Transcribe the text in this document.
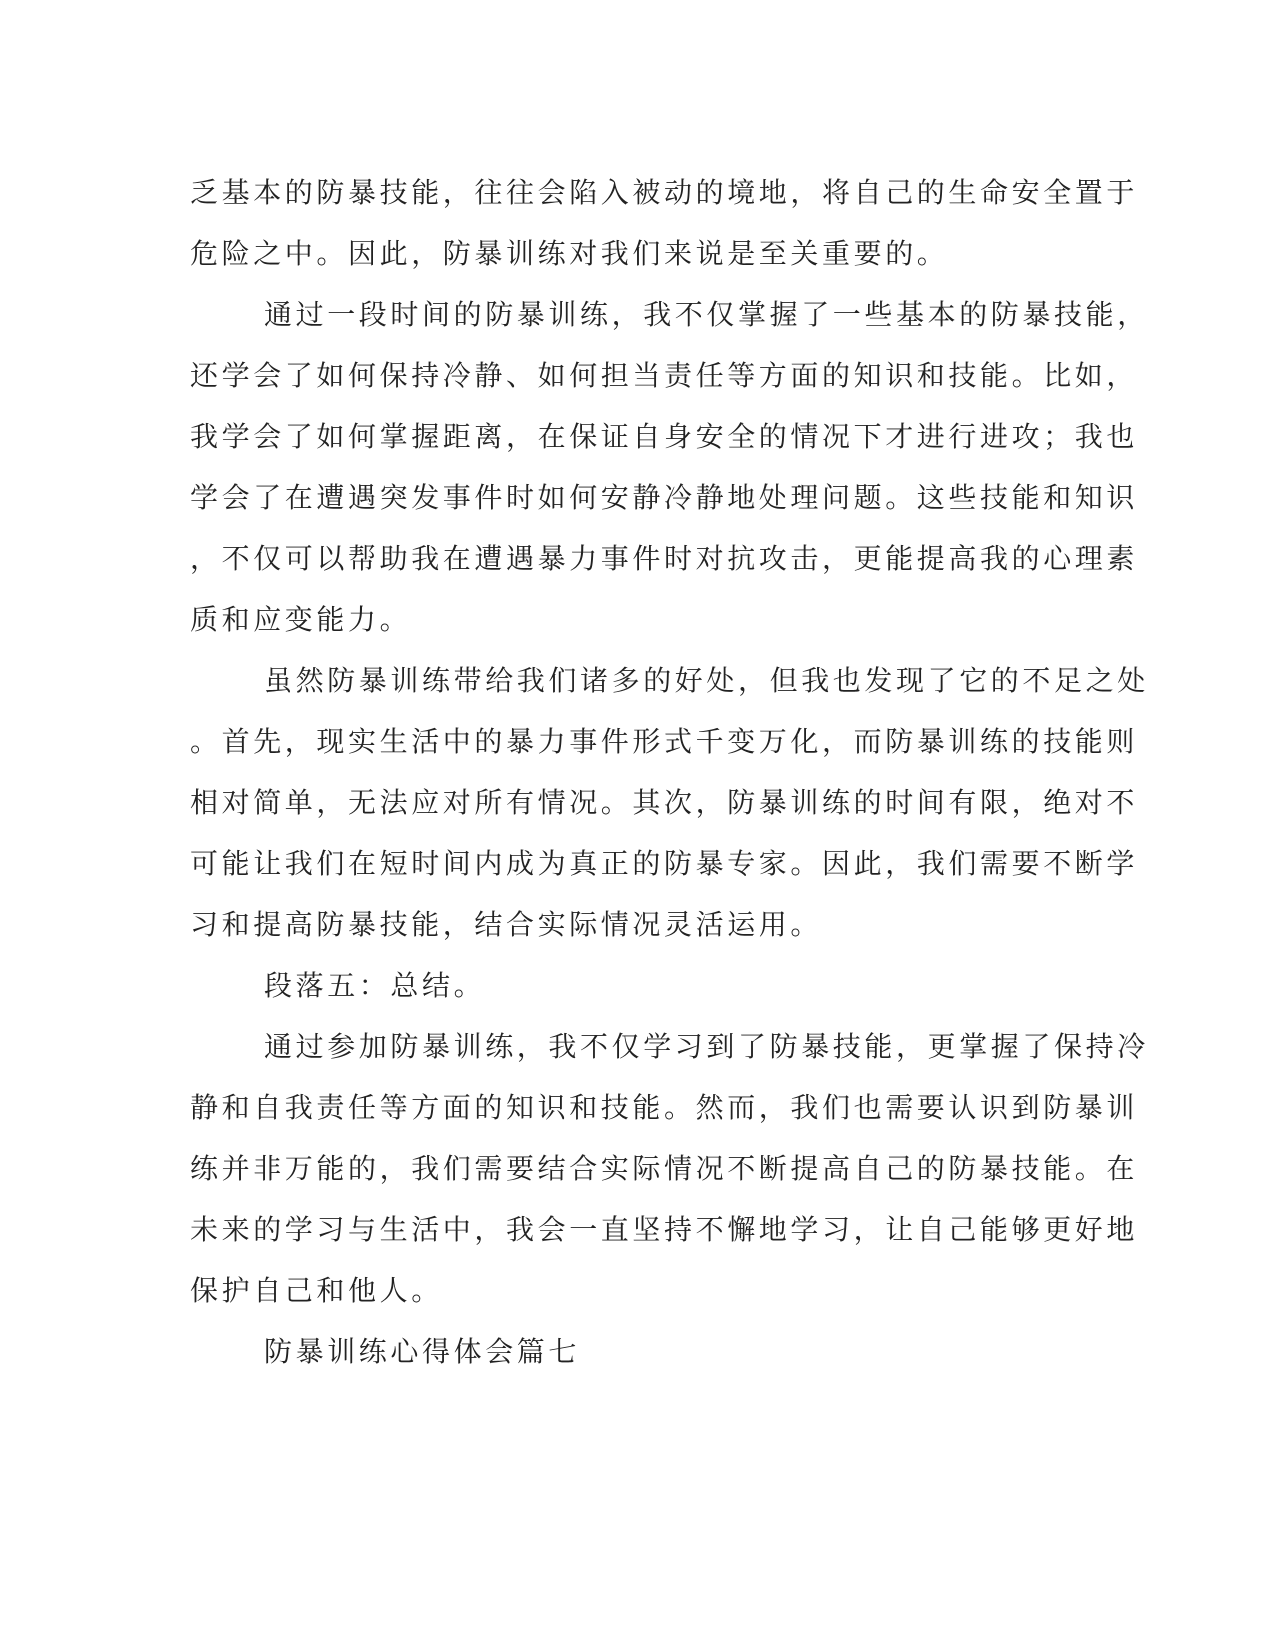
乏基本的防暴技能，往往会陷入被动的境地，将自己的生命安全置于
危险之中。因此，防暴训练对我们来说是至关重要的。
通过一段时间的防暴训练，我不仅掌握了一些基本的防暴技能，
还学会了如何保持冷静、如何担当责任等方面的知识和技能。比如，
我学会了如何掌握距离，在保证自身安全的情况下才进行进攻；我也
学会了在遭遇突发事件时如何安静冷静地处理问题。这些技能和知识
，不仅可以帮助我在遭遇暴力事件时对抗攻击，更能提高我的心理素
质和应变能力。
虽然防暴训练带给我们诸多的好处，但我也发现了它的不足之处
。首先，现实生活中的暴力事件形式千变万化，而防暴训练的技能则
相对简单，无法应对所有情况。其次，防暴训练的时间有限，绝对不
可能让我们在短时间内成为真正的防暴专家。因此，我们需要不断学
习和提高防暴技能，结合实际情况灵活运用。
段落五：总结。
通过参加防暴训练，我不仅学习到了防暴技能，更掌握了保持冷
静和自我责任等方面的知识和技能。然而，我们也需要认识到防暴训
练并非万能的，我们需要结合实际情况不断提高自己的防暴技能。在
未来的学习与生活中，我会一直坚持不懈地学习，让自己能够更好地
保护自己和他人。
防暴训练心得体会篇七
